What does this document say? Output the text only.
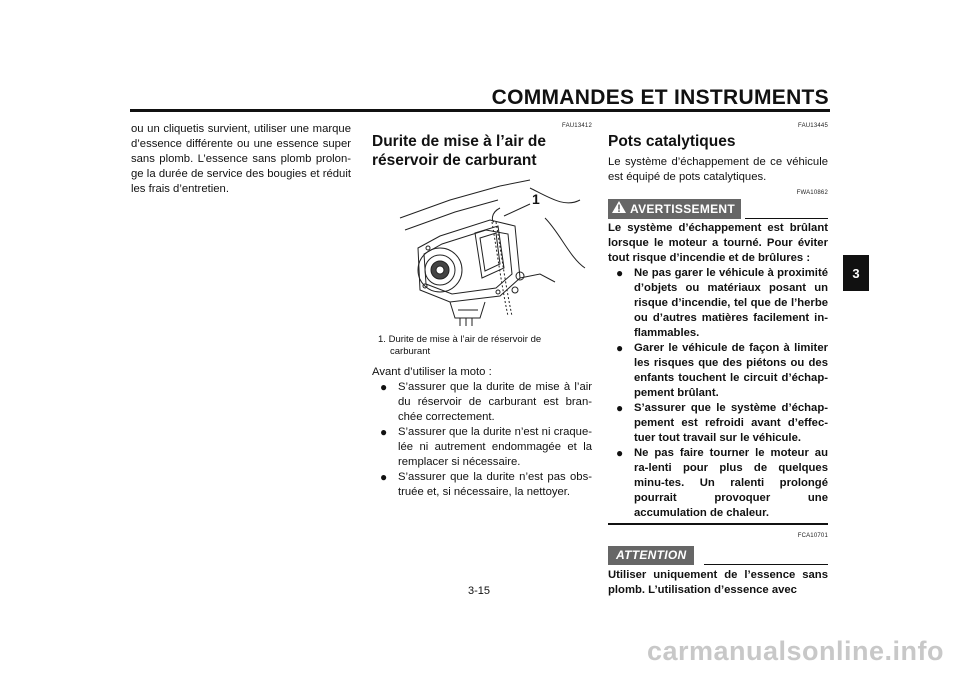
COMMANDES ET INSTRUMENTS
3

ou un cliquetis survient, utiliser une marque d’essence différente ou une essence super sans plomb. L’essence sans plomb prolon-ge la durée de service des bougies et réduit les frais d’entretien.

FAU13412
Durite de mise à l’air de réservoir de carburant
1
1. Durite de mise à l’air de réservoir de
carburant

Avant d’utiliser la moto :

● S’assurer que la durite de mise à l’air du réservoir de carburant est bran-chée correctement.
● S’assurer que la durite n’est ni craque-lée ni autrement endommagée et la remplacer si nécessaire.
● S’assurer que la durite n’est pas obs-truée et, si nécessaire, la nettoyer.
FAU13445
Pots catalytiques

Le système d’échappement de ce véhicule est équipé de pots catalytiques.

FWA10862
AVERTISSEMENT

Le système d’échappement est brûlant lorsque le moteur a tourné. Pour éviter tout risque d’incendie et de brûlures :

● Ne pas garer le véhicule à proximité d’objets ou matériaux posant un risque d’incendie, tel que de l’herbe ou d’autres matières facilement in-flammables.
● Garer le véhicule de façon à limiter les risques que des piétons ou des enfants touchent le circuit d’échap-pement brûlant.
● S’assurer que le système d’échap-pement est refroidi avant d’effec-tuer tout travail sur le véhicule.
● Ne pas faire tourner le moteur au ra-lenti pour plus de quelques minu-tes. Un ralenti prolongé pourrait provoquer une accumulation de chaleur.
FCA10701
ATTENTION

Utiliser uniquement de l’essence sans plomb. L’utilisation d’essence avec

3-15
carmanualsonline.info
